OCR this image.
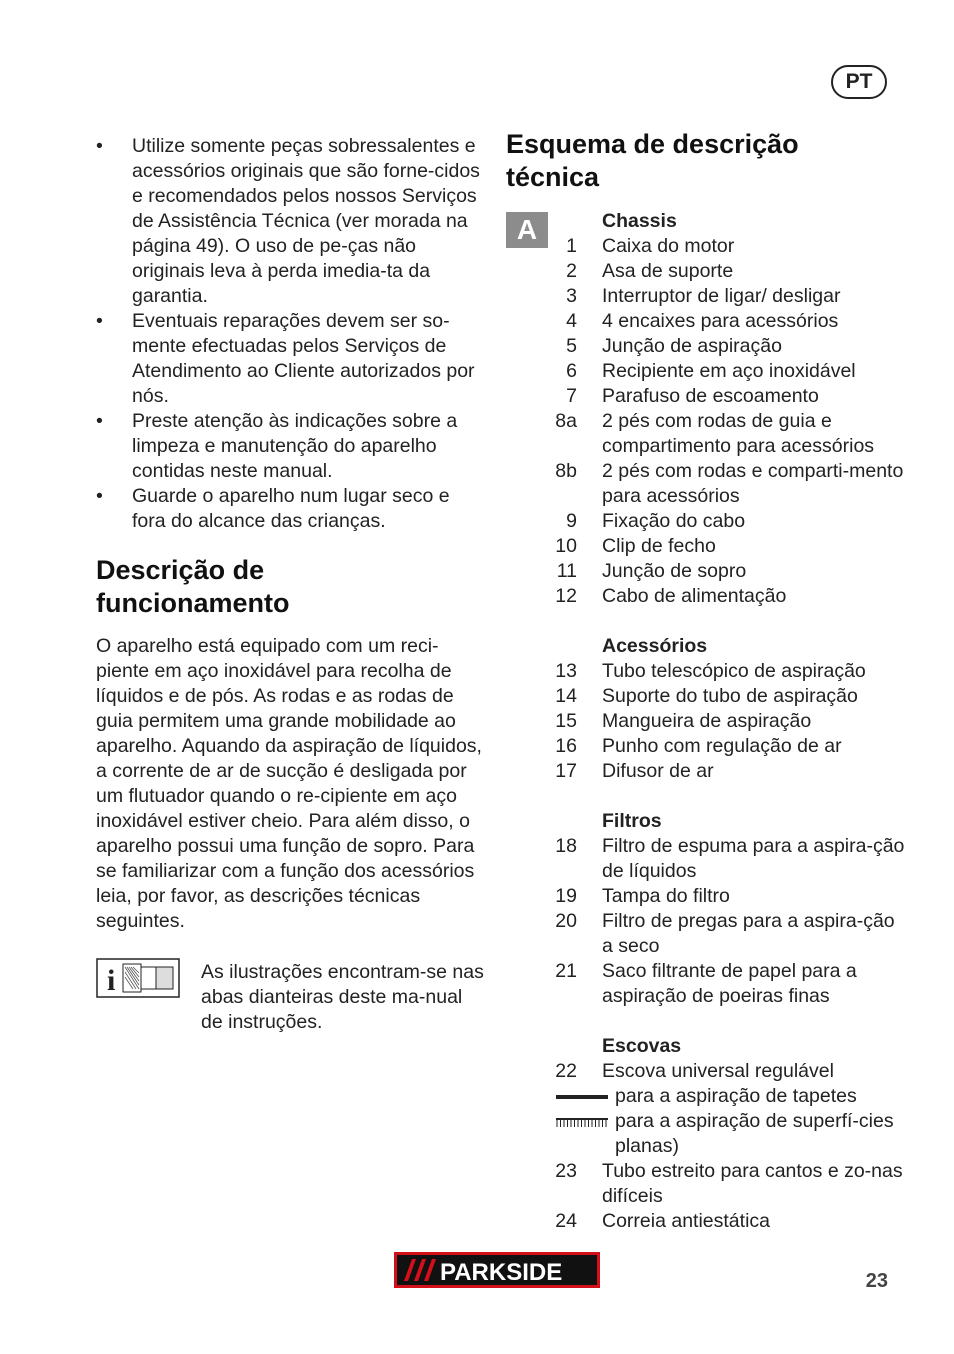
PT
• Utilize somente peças sobressalentes e acessórios originais que são forne-cidos e recomendados pelos nossos Serviços de Assistência Técnica (ver morada na página 49). O uso de pe-ças não originais leva à perda imedia-ta da garantia.
• Eventuais reparações devem ser so-mente efectuadas pelos Serviços de Atendimento ao Cliente autorizados por nós.
• Preste atenção às indicações sobre a limpeza e manutenção do aparelho contidas neste manual.
• Guarde o aparelho num lugar seco e fora do alcance das crianças.
Descrição de funcionamento
O aparelho está equipado com um reci-piente em aço inoxidável para recolha de líquidos e de pós. As rodas e as rodas de guia permitem uma grande mobilidade ao aparelho. Aquando da aspiração de líquidos, a corrente de ar de sucção é desligada por um flutuador quando o re-cipiente em aço inoxidável estiver cheio. Para além disso, o aparelho possui uma função de sopro. Para se familiarizar com a função dos acessórios leia, por favor, as descrições técnicas seguintes.
i	As ilustrações encontram-se nas abas dianteiras deste ma-nual de instruções.
Esquema de descrição técnica
A	Chassis
1 Caixa do motor
2 Asa de suporte
3 Interruptor de ligar/ desligar
4 4 encaixes para acessórios
5 Junção de aspiração
6 Recipiente em aço inoxidável
7 Parafuso de escoamento
8a 2 pés com rodas de guia e compartimento para acessórios
8b 2 pés com rodas e comparti-mento para acessórios
9 Fixação do cabo
10 Clip de fecho
11 Junção de sopro
12 Cabo de alimentação
Acessórios
13 Tubo telescópico de aspiração
14 Suporte do tubo de aspiração
15 Mangueira de aspiração
16 Punho com regulação de ar
17 Difusor de ar
Filtros
18 Filtro de espuma para a aspira-ção de líquidos
19 Tampa do filtro
20 Filtro de pregas para a aspira-ção a seco
21 Saco filtrante de papel para a aspiração de poeiras finas
Escovas
22 Escova universal regulável
para a aspiração de tapetes
para a aspiração de superfí-cies planas)
23 Tubo estreito para cantos e zo-nas difíceis
24 Correia antiestática
PARKSIDE	23
